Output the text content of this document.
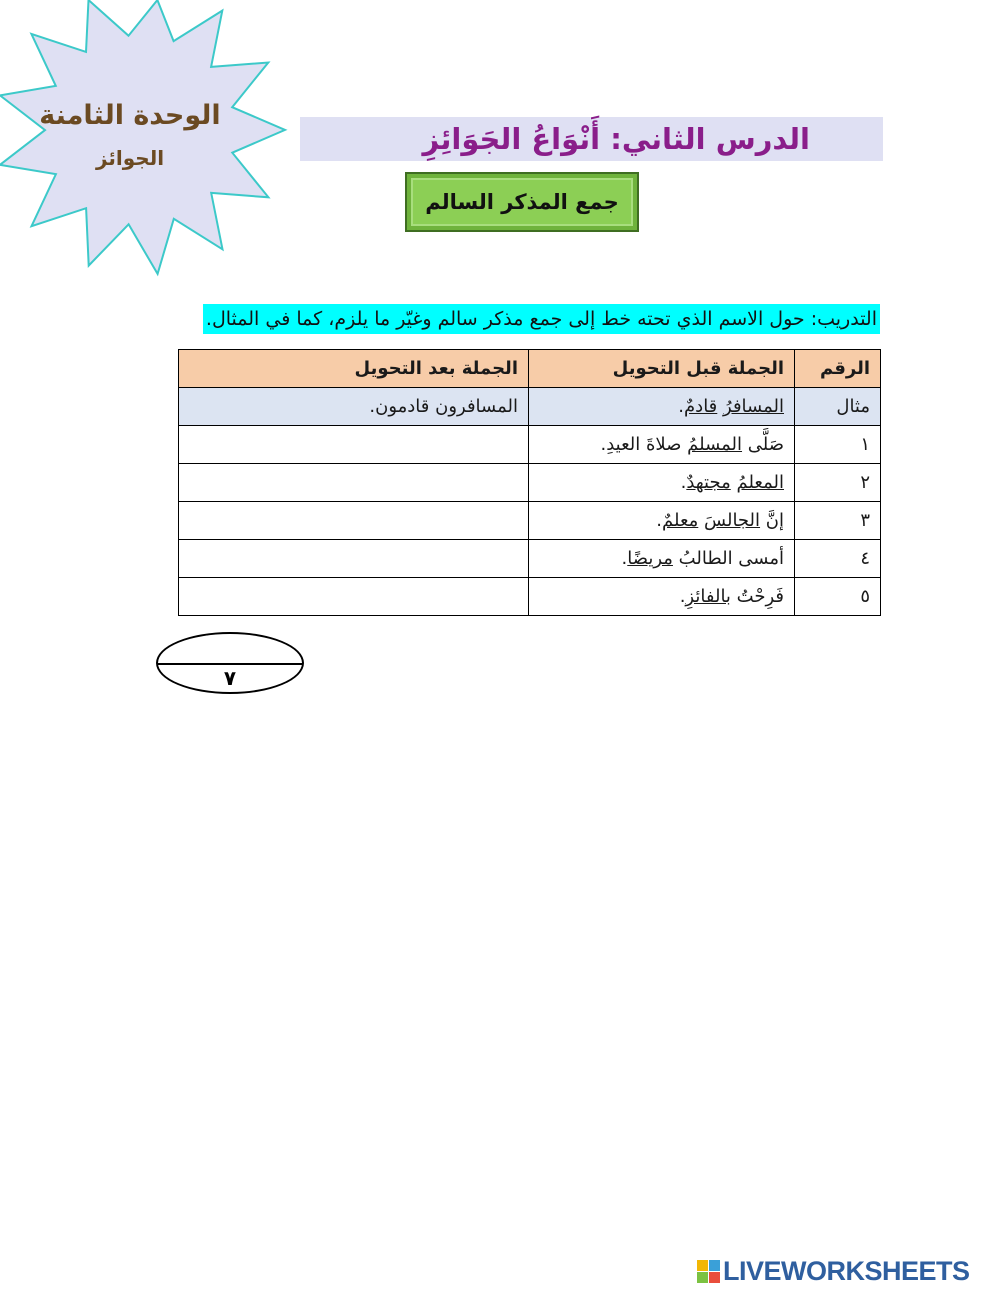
الوحدة الثامنة
الجوائز
الدرس الثاني: أَنْوَاعُ الجَوَائِزِ
جمع المذكر السالم
التدريب: حول الاسم الذي تحته خط إلى جمع مذكر سالم وغيّر ما يلزم، كما في المثال.
الرقم	الجملة قبل التحويل	الجملة بعد التحويل
مثال	المسافرُ قادمٌ.	المسافرون قادمون.
١	صَلَّى المسلمُ صلاةَ العيدِ.	
٢	المعلمُ مجتهدٌ.	
٣	إنَّ الجالسَ معلمٌ.	
٤	أمسى الطالبُ مريضًا.	
٥	فَرِحْتُ بالفائزِ.	
٧
LIVEWORKSHEETS
